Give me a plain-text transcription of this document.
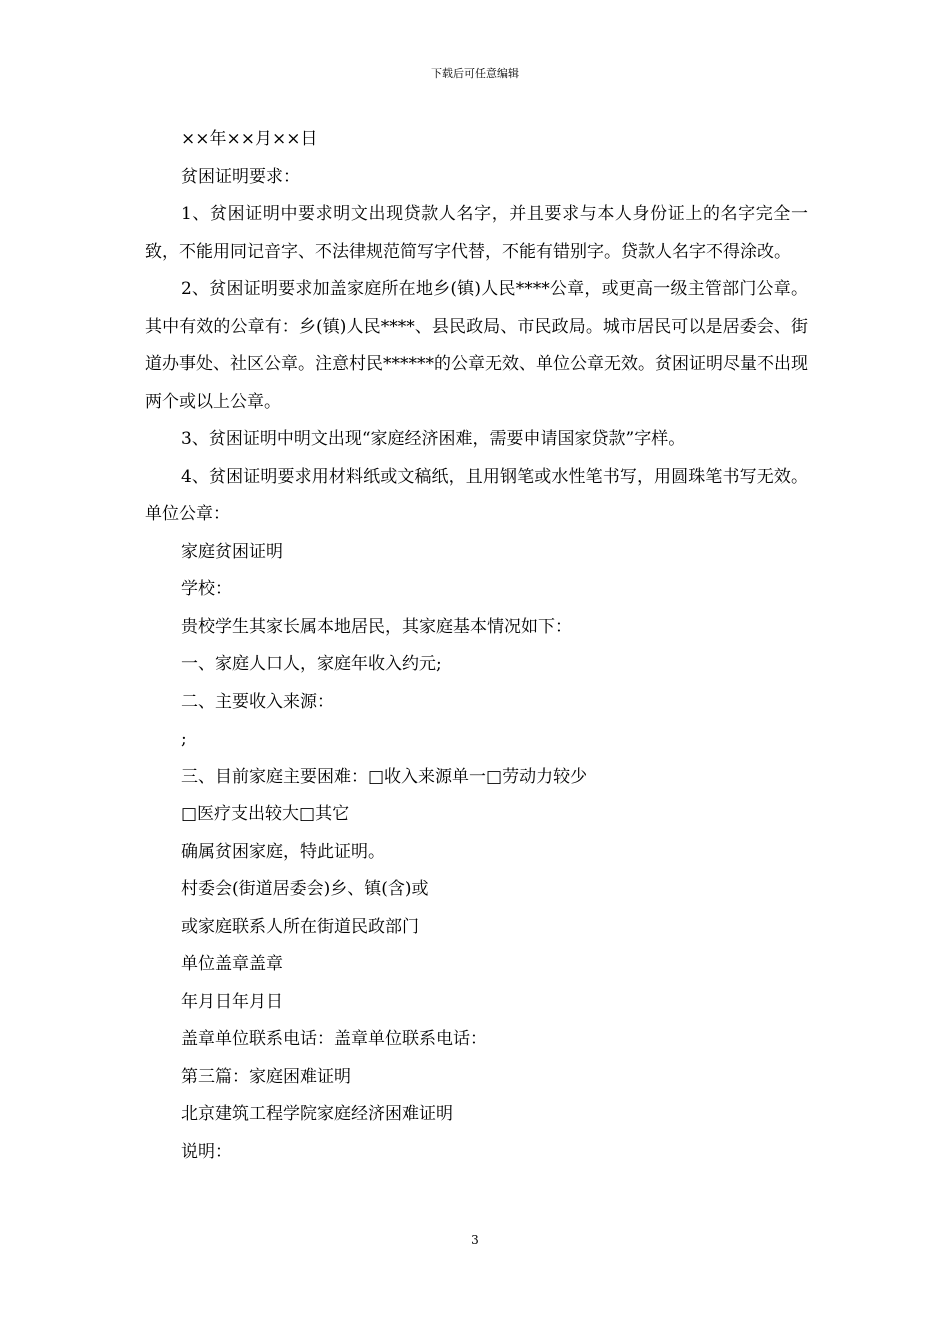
下载后可任意编辑

××年××月××日

贫困证明要求：

1、贫困证明中要求明文出现贷款人名字，并且要求与本人身份证上的名字完全一致，不能用同记音字、不法律规范简写字代替，不能有错别字。贷款人名字不得涂改。

2、贫困证明要求加盖家庭所在地乡(镇)人民****公章，或更高一级主管部门公章。其中有效的公章有：乡(镇)人民****、县民政局、市民政局。城市居民可以是居委会、街道办事处、社区公章。注意村民******的公章无效、单位公章无效。贫困证明尽量不出现两个或以上公章。

3、贫困证明中明文出现“家庭经济困难，需要申请国家贷款”字样。

4、贫困证明要求用材料纸或文稿纸，且用钢笔或水性笔书写，用圆珠笔书写无效。单位公章：

家庭贫困证明

学校：

贵校学生其家长属本地居民，其家庭基本情况如下：

一、家庭人口人，家庭年收入约元;

二、主要收入来源：

;

三、目前家庭主要困难：□收入来源单一□劳动力较少

□医疗支出较大□其它

确属贫困家庭，特此证明。

村委会(街道居委会)乡、镇(含)或

或家庭联系人所在街道民政部门

单位盖章盖章

年月日年月日

盖章单位联系电话：盖章单位联系电话：

第三篇：家庭困难证明

北京建筑工程学院家庭经济困难证明

说明：

3
